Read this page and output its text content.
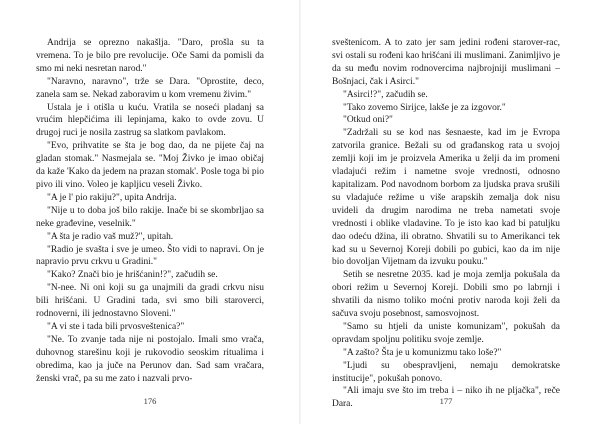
Andrija se oprezno nakašlja. "Daro, prošla su ta vremena. To je bilo pre revolucije. Oče Sami da pomisli da smo mi neki nesretan narod."

"Naravno, naravno", trže se Dara. "Oprostite, deco, zanela sam se. Nekad zaboravim u kom vremenu živim."

Ustala je i otišla u kuću. Vratila se noseći pladanj sa vrućim hlepčićima ili lepinjama, kako to ovde zovu. U drugoj ruci je nosila zastrug sa slatkom pavlakom.

"Evo, prihvatite se šta je bog dao, da ne pijete čaj na gladan stomak." Nasmejala se. "Moj Živko je imao običaj da kaže 'Kako da jedem na prazan stomak'. Posle toga bi pio pivo ili vino. Voleo je kapljicu veseli Živko.

"A je l' pio rakiju?", upita Andrija.

"Nije u to doba još bilo rakije. Inače bi se skombrljao sa neke građevine, veselnik."

"A šta je radio vaš muž?", upitah.

"Radio je svašta i sve je umeo. Što vidi to napravi. On je napravio prvu crkvu u Gradini."

"Kako? Znači bio je hrišćanin!?", začudih se.

"N-nee. Ni oni koji su ga unajmili da gradi crkvu nisu bili hrišćani. U Gradini tada, svi smo bili staroverci, rodnoverni, ili jednostavno Sloveni."

"A vi ste i tada bili prvosveštenica?"

"Ne. To zvanje tada nije ni postojalo. Imali smo vrača, duhovnog starešinu koji je rukovodio seoskim ritualima i obredima, kao ja juče na Perunov dan. Sad sam vračara, ženski vrač, pa su me zato i nazvali prvo-

sveštenicom. A to zato jer sam jedini rođeni starover-rac, svi ostali su rođeni kao hrišćani ili muslimani. Zanimljivo je da su među novim rodnovercima najbrojniji muslimani – Bošnjaci, čak i Asirci."

"Asirci!?", začudih se.

"Tako zovemo Sirijce, lakše je za izgovor."

"Otkud oni?"

"Zadržali su se kod nas šesnaeste, kad im je Evropa zatvorila granice. Bežali su od građanskog rata u svojoj zemlji koji im je proizvela Amerika u želji da im promeni vladajući režim i nametne svoje vrednosti, odnosno kapitalizam. Pod navodnom borbom za ljudska prava srušili su vladajuće režime u više arapskih zemalja dok nisu uvideli da drugim narodima ne treba nametati svoje vrednosti i oblike vladavine. To je isto kao kad bi patuljku dao odeću džina, ili obratno. Shvatili su to Amerikanci tek kad su u Severnoj Koreji dobili po gubici, kao da im nije bio dovoljan Vijetnam da izvuku pouku."

Setih se nesretne 2035. kad je moja zemlja pokušala da obori režim u Severnoj Koreji. Dobili smo po labrnji i shvatili da nismo toliko moćni protiv naroda koji želi da sačuva svoju posebnost, samosvojnost.

"Samo su htjeli da uniste komunizam", pokušah da opravdam spoljnu politiku svoje zemlje.

"A zašto? Šta je u komunizmu tako loše?"

"Ljudi su obespravljeni, nemaju demokratske institucije", pokušah ponovo.

"Ali imaju sve što im treba i – niko ih ne pljačka", reče Dara.

176	177
